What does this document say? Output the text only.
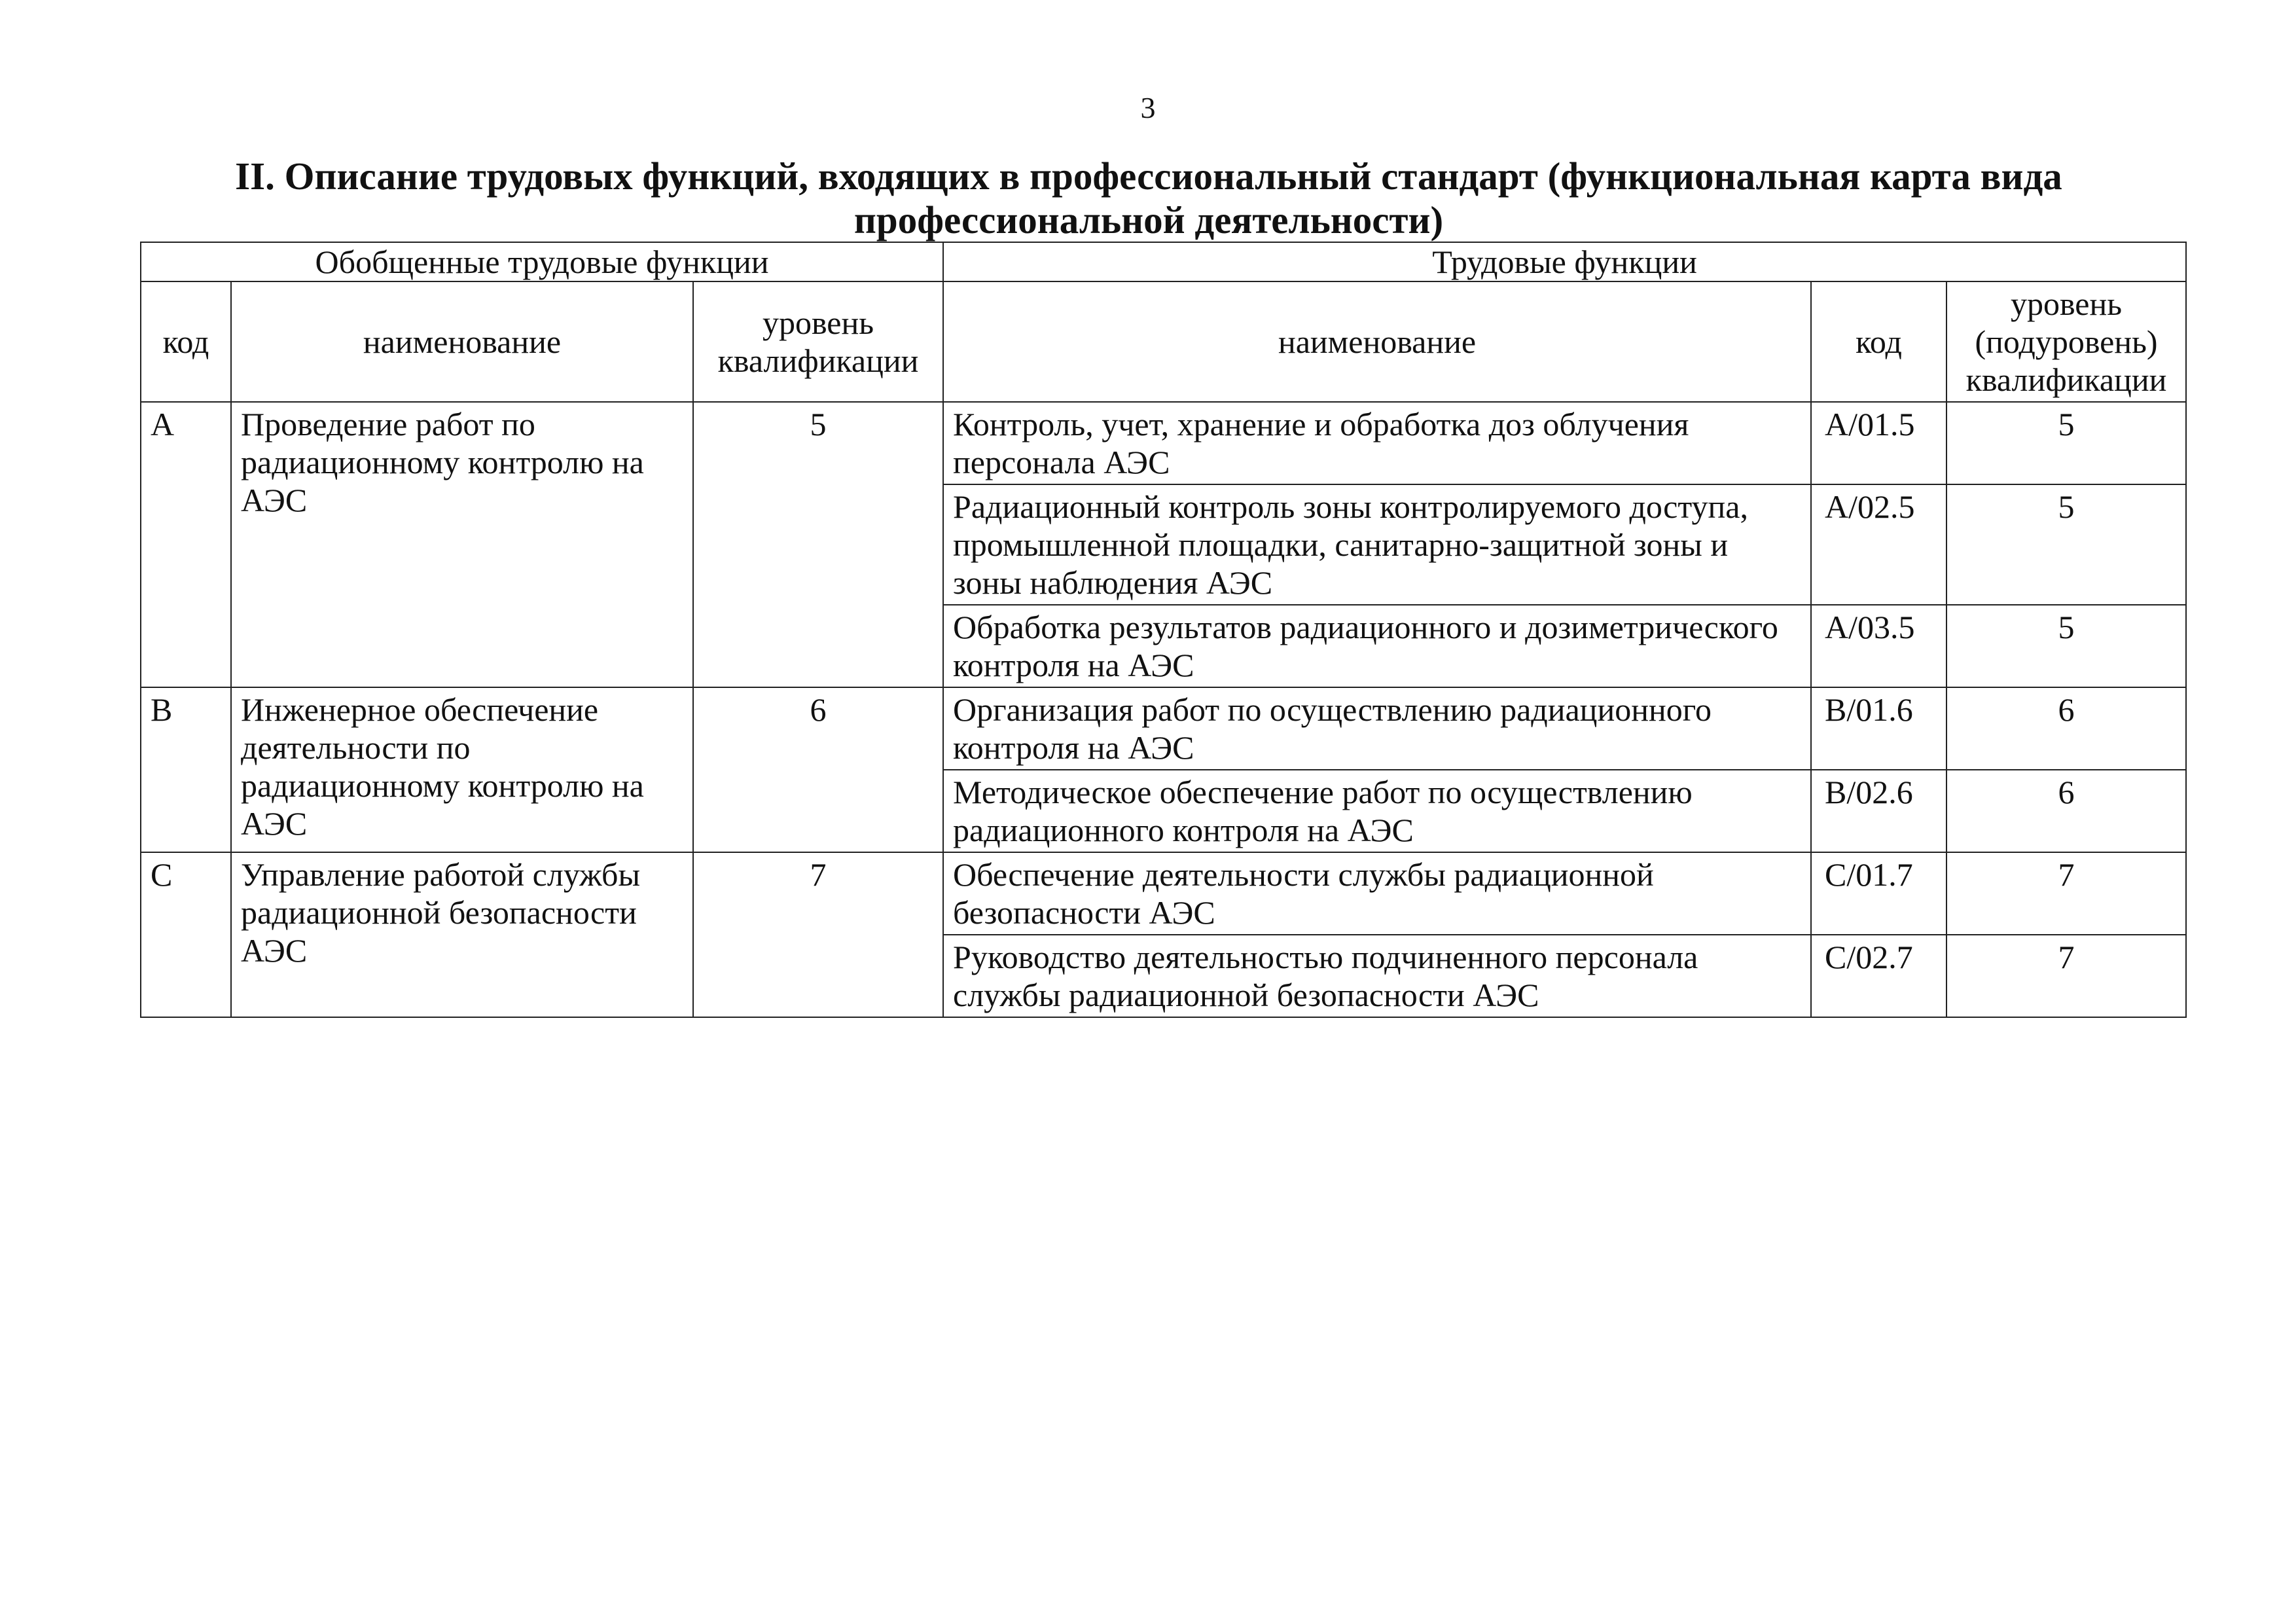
3
II. Описание трудовых функций, входящих в профессиональный стандарт (функциональная карта вида профессиональной деятельности)
Обобщенные трудовые функции			Трудовые функции		
код	наименование	уровень квалификации	наименование	код	уровень (подуровень) квалификации
A	Проведение работ по радиационному контролю на АЭС	5	Контроль, учет, хранение и обработка доз облучения персонала АЭС	A/01.5	5
			Радиационный контроль зоны контролируемого доступа, промышленной площадки, санитарно-защитной зоны и зоны наблюдения АЭС	A/02.5	5
			Обработка результатов радиационного и дозиметрического контроля на АЭС	A/03.5	5
B	Инженерное обеспечение деятельности по радиационному контролю на АЭС	6	Организация работ по осуществлению радиационного контроля на АЭС	B/01.6	6
			Методическое обеспечение работ по осуществлению радиационного контроля на АЭС	B/02.6	6
C	Управление работой службы радиационной безопасности АЭС	7	Обеспечение деятельности службы радиационной безопасности АЭС	C/01.7	7
			Руководство деятельностью подчиненного персонала службы радиационной безопасности АЭС	C/02.7	7
